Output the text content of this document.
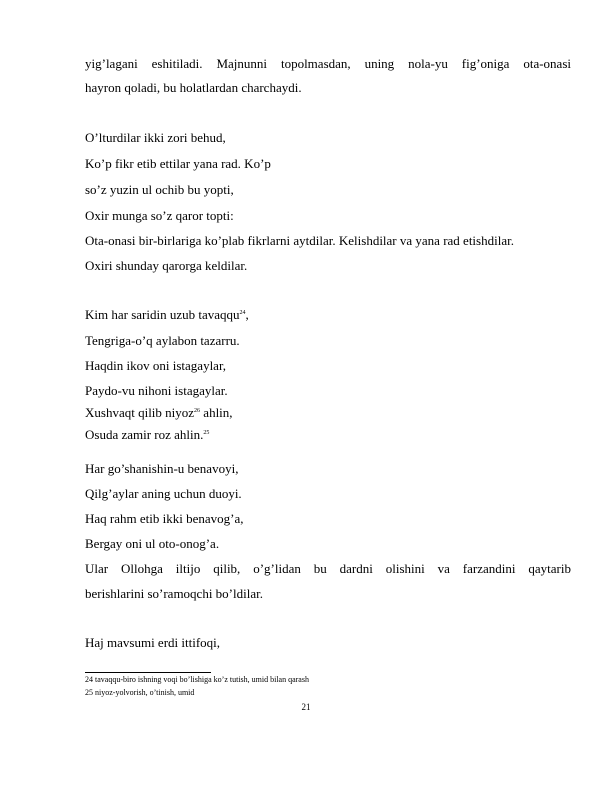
yig’lagani eshitiladi. Majnunni topolmasdan, uning nola-yu fig’oniga ota-onasi
hayron qoladi, bu holatlardan charchaydi.
O’lturdilar ikki zori behud,
Ko’p fikr etib ettilar yana rad. Ko’p
so’z yuzin ul ochib bu yopti,
Oxir munga so’z qaror topti:
Ota-onasi bir-birlariga ko’plab fikrlarni aytdilar. Kelishdilar va yana rad etishdilar.
Oxiri shunday qarorga keldilar.
Kim har saridin uzub tavaqqu$^{24}$,
Tengriga-o’q aylabon tazarru.
Haqdin ikov oni istagaylar,
Paydo-vu nihoni istagaylar.
Xushvaqt qilib niyoz$^{26}$ ahlin,
Osuda zamir roz ahlin.$^{25}$
Har go’shanishin-u benavoyi,
Qilg’aylar aning uchun duoyi.
Haq rahm etib ikki benavog’a,
Bergay oni ul oto-onog’a.
Ular Ollohga iltijo qilib, o’g’lidan bu dardni olishini va farzandini qaytarib
berishlarini so’ramoqchi bo’ldilar.
Haj mavsumi erdi ittifoqi,
24 tavaqqu-biro ishning voqi bo’lishiga ko’z tutish, umid bilan qarash
25 niyoz-yolvorish, o’tinish, umid
21
